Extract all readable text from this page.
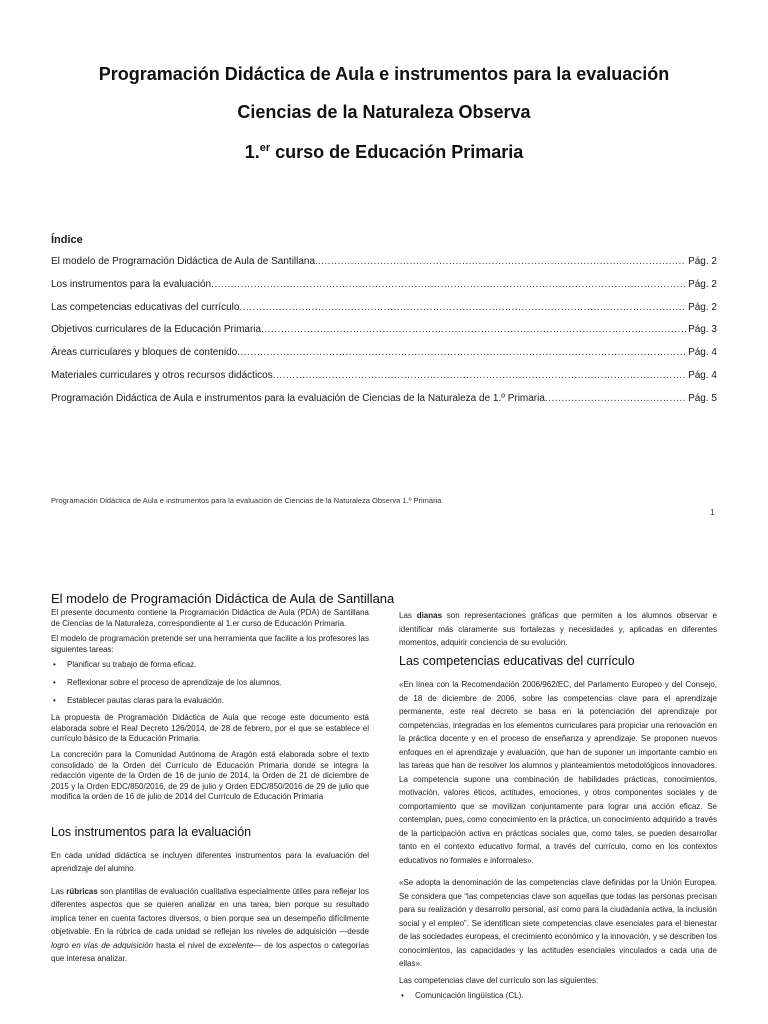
Programación Didáctica de Aula e instrumentos para la evaluación
Ciencias de la Naturaleza Observa
1.$^{er}$ curso de Educación Primaria
Índice
El modelo de Programación Didáctica de Aula de Santillana. .....	Pág. 2
Los instrumentos para la evaluación .....	Pág. 2
Las competencias educativas del currículo .....	Pág. 2
Objetivos curriculares de la Educación Primaria .....	Pág. 3
Áreas curriculares y bloques de contenido .....	Pág. 4
Materiales curriculares y otros recursos didácticos .....	Pág. 4
Programación Didáctica de Aula e instrumentos para la evaluación de Ciencias de la Naturaleza de 1.º Primaria .....	Pág. 5
Programación Didáctica de Aula e instrumentos para la evaluación de Ciencias de la Naturaleza Observa 1.º Primaria
1
El modelo de Programación Didáctica de Aula de Santillana

El presente documento contiene la Programación Didáctica de Aula (PDA) de Santillana de Ciencias de la Naturaleza, correspondiente al 1.er curso de Educación Primaria.

El modelo de programación pretende ser una herramienta que facilite a los profesores las siguientes tareas:

• Planificar su trabajo de forma eficaz.
• Reflexionar sobre el proceso de aprendizaje de los alumnos.
• Establecer pautas claras para la evaluación.

La propuesta de Programación Didáctica de Aula que recoge este documento está elaborada sobre el Real Decreto 126/2014, de 28 de febrero, por el que se establece el currículo básico de la Educación Primaria.

La concreción para la Comunidad Autónoma de Aragón está elaborada sobre el texto consolidado de la Orden del Currículo de Educación Primaria donde se integra la redacción vigente de la Orden de 16 de junio de 2014, la Orden de 21 de diciembre de 2015 y la Orden EDC/850/2016, de 29 de julio y Orden EDC/850/2016 de 29 de julio que modifica la orden de 16 de julio de 2014 del Currículo de Educación Primaria

Los instrumentos para la evaluación

En cada unidad didáctica se incluyen diferentes instrumentos para la evaluación del aprendizaje del alumno.

Las rúbricas son plantillas de evaluación cualitativa especialmente útiles para reflejar los diferentes aspectos que se quieren analizar en una tarea, bien porque su resultado implica tener en cuenta factores diversos, o bien porque sea un desempeño difícilmente objetivable. En la rúbrica de cada unidad se reflejan los niveles de adquisición —desde logro en vías de adquisición hasta el nivel de excelente— de los aspectos o categorías que interesa analizar.

Las dianas son representaciones gráficas que permiten a los alumnos observar e identificar más claramente sus fortalezas y necesidades y, aplicadas en diferentes momentos, adquirir conciencia de su evolución.

Las competencias educativas del currículo

«En línea con la Recomendación 2006/962/EC, del Parlamento Europeo y del Consejo, de 18 de diciembre de 2006, sobre las competencias clave para el aprendizaje permanente, este real decreto se basa en la potenciación del aprendizaje por competencias, integradas en los elementos curriculares para propiciar una renovación en la práctica docente y en el proceso de enseñanza y aprendizaje. Se proponen nuevos enfoques en el aprendizaje y evaluación, que han de suponer un importante cambio en las tareas que han de resolver los alumnos y planteamientos metodológicos innovadores. La competencia supone una combinación de habilidades prácticas, conocimientos, motivación, valores éticos, actitudes, emociones, y otros componentes sociales y de comportamiento que se movilizan conjuntamente para lograr una acción eficaz. Se contemplan, pues, como conocimiento en la práctica, un conocimiento adquirido a través de la participación activa en prácticas sociales que, como tales, se pueden desarrollar tanto en el contexto educativo formal, a través del currículo, como en los contextos educativos no formales e informales».

«Se adopta la denominación de las competencias clave definidas por la Unión Europea. Se considera que “las competencias clave son aquellas que todas las personas precisan para su realización y desarrollo personal, así como para la ciudadanía activa, la inclusión social y el empleo”. Se identifican siete competencias clave esenciales para el bienestar de las sociedades europeas, el crecimiento económico y la innovación, y se describen los conocimientos, las capacidades y las actitudes esenciales vinculados a cada una de ellas».

Las competencias clave del currículo son las siguientes:

• Comunicación lingüística (CL).
